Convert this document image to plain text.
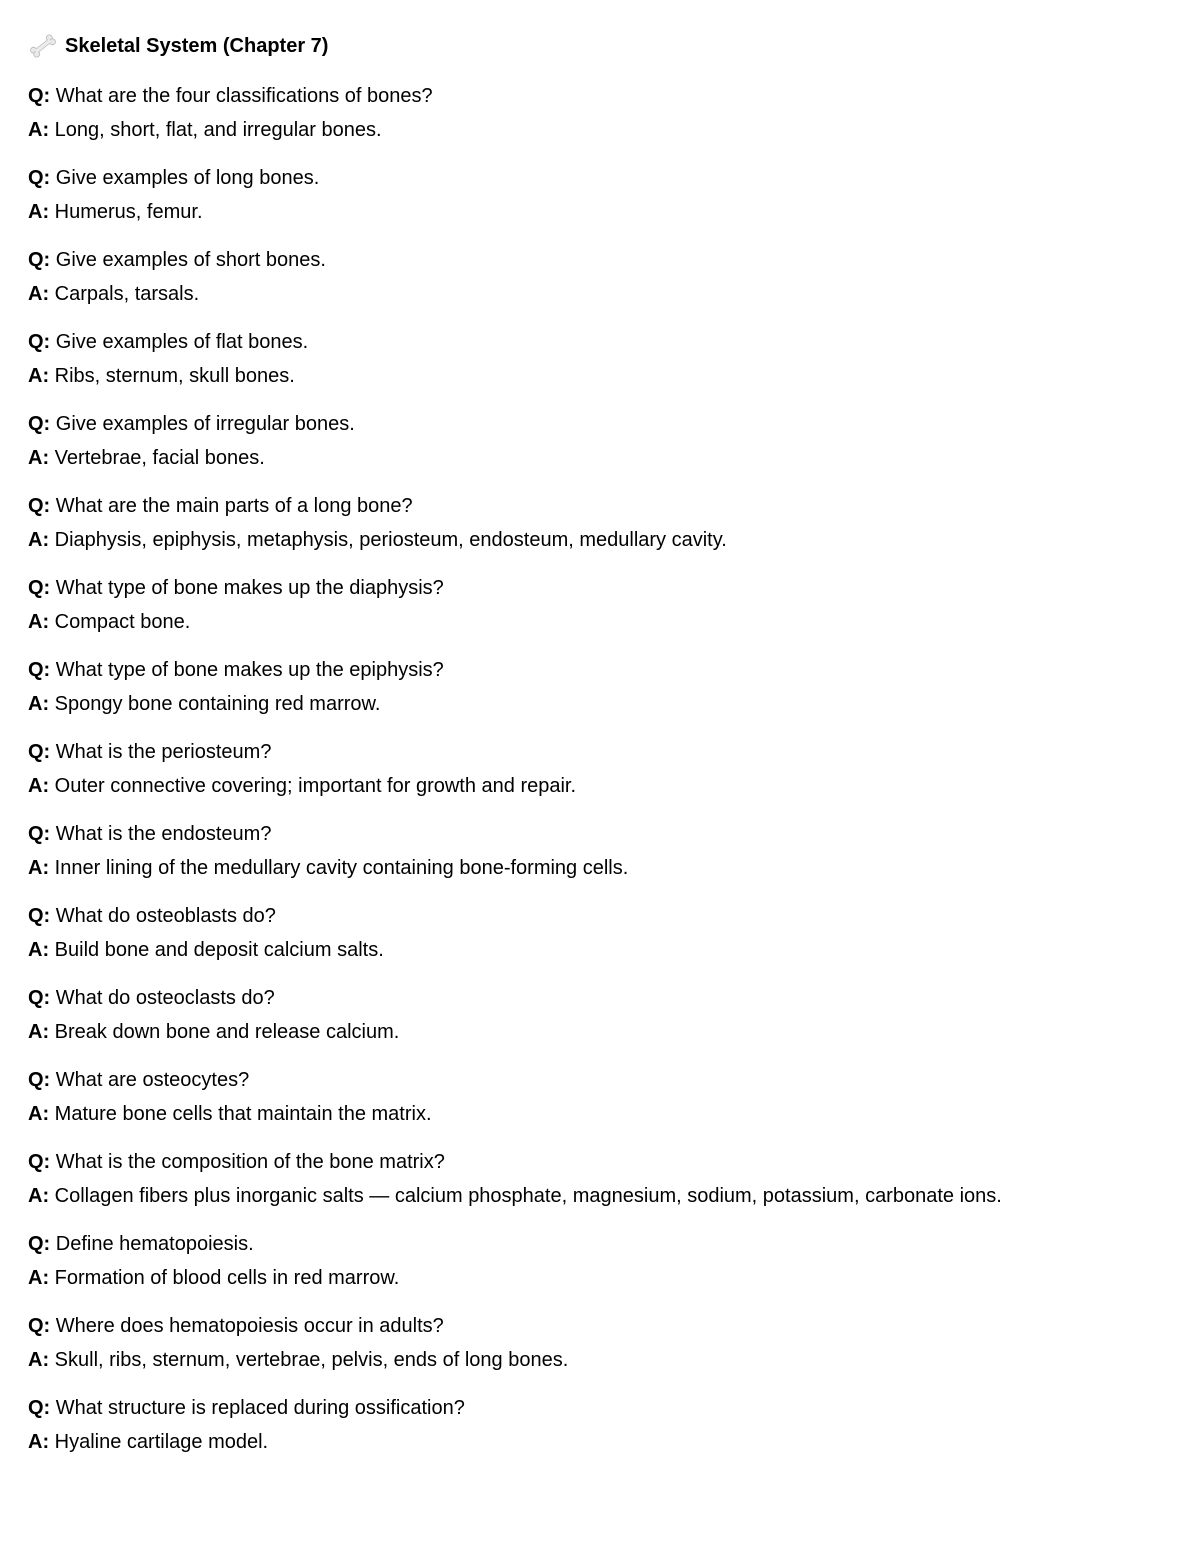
Skeletal System (Chapter 7)
Q: What are the four classifications of bones?
A: Long, short, flat, and irregular bones.
Q: Give examples of long bones.
A: Humerus, femur.
Q: Give examples of short bones.
A: Carpals, tarsals.
Q: Give examples of flat bones.
A: Ribs, sternum, skull bones.
Q: Give examples of irregular bones.
A: Vertebrae, facial bones.
Q: What are the main parts of a long bone?
A: Diaphysis, epiphysis, metaphysis, periosteum, endosteum, medullary cavity.
Q: What type of bone makes up the diaphysis?
A: Compact bone.
Q: What type of bone makes up the epiphysis?
A: Spongy bone containing red marrow.
Q: What is the periosteum?
A: Outer connective covering; important for growth and repair.
Q: What is the endosteum?
A: Inner lining of the medullary cavity containing bone-forming cells.
Q: What do osteoblasts do?
A: Build bone and deposit calcium salts.
Q: What do osteoclasts do?
A: Break down bone and release calcium.
Q: What are osteocytes?
A: Mature bone cells that maintain the matrix.
Q: What is the composition of the bone matrix?
A: Collagen fibers plus inorganic salts — calcium phosphate, magnesium, sodium, potassium, carbonate ions.
Q: Define hematopoiesis.
A: Formation of blood cells in red marrow.
Q: Where does hematopoiesis occur in adults?
A: Skull, ribs, sternum, vertebrae, pelvis, ends of long bones.
Q: What structure is replaced during ossification?
A: Hyaline cartilage model.
